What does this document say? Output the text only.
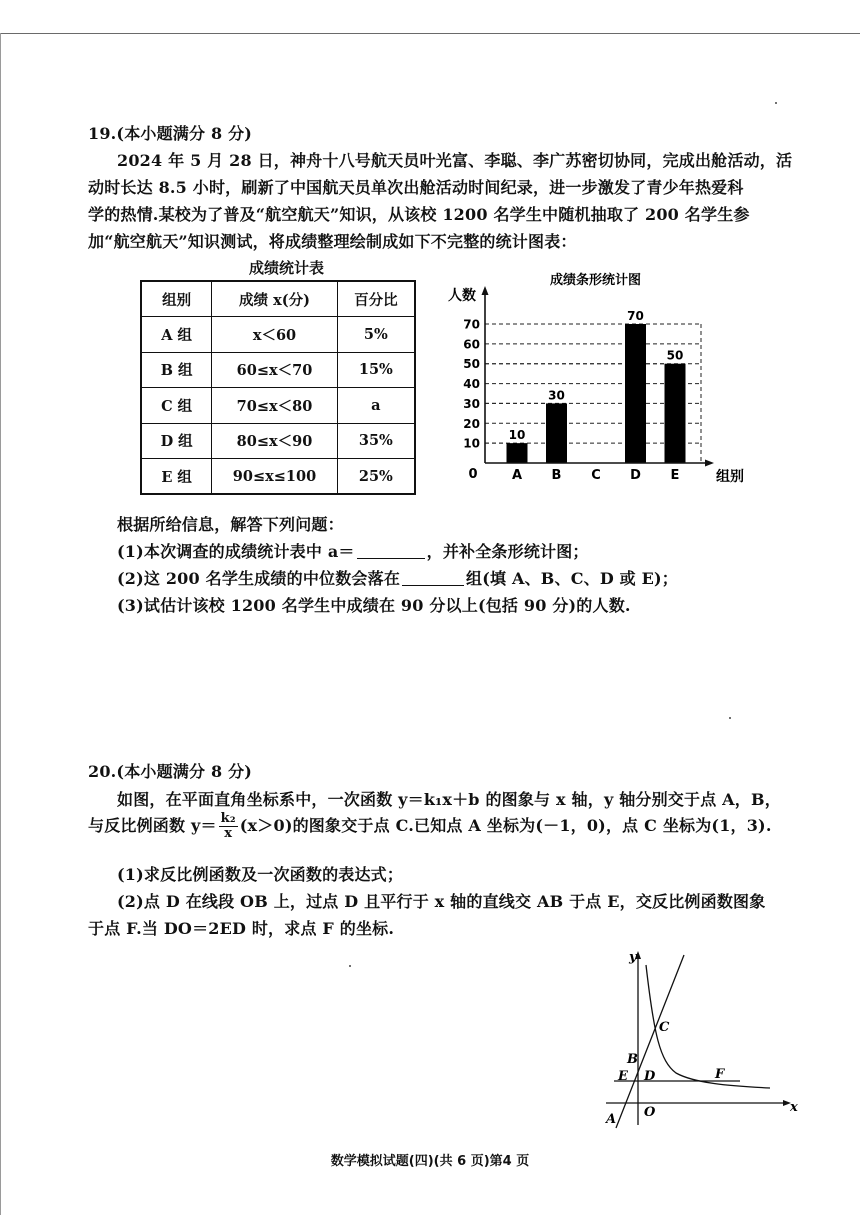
19.(本小题满分 8 分)
2024 年 5 月 28 日，神舟十八号航天员叶光富、李聪、李广苏密切协同，完成出舱活动，活
动时长达 8.5 小时，刷新了中国航天员单次出舱活动时间纪录，进一步激发了青少年热爱科
学的热情.某校为了普及“航空航天”知识，从该校 1200 名学生中随机抽取了 200 名学生参
加“航空航天”知识测试，将成绩整理绘制成如下不完整的统计图表：
成绩统计表
组别	成绩 x(分)	百分比
A 组	x＜60	5%
B 组	60≤x＜70	15%
C 组	70≤x＜80	a
D 组	80≤x＜90	35%
E 组	90≤x≤100	25%
成绩条形统计图
人数
组别
0
10
30
70
50
10
20
30
40
50
60
70
A B C D E
根据所给信息，解答下列问题：
(1)本次调查的成绩统计表中 a＝	，并补全条形统计图；
(2)这 200 名学生成绩的中位数会落在	组(填 A、B、C、D 或 E)；
(3)试估计该校 1200 名学生中成绩在 90 分以上(包括 90 分)的人数.
20.(本小题满分 8 分)
如图，在平面直角坐标系中，一次函数 y＝k₁x＋b 的图象与 x 轴，y 轴分别交于点 A，B，
与反比例函数 $y= \frac{\text{k₂}}{x} (x>0)$的图象交于点 C.已知点 A 坐标为(－1，0)，点 C 坐标为(1，3).
(1)求反比例函数及一次函数的表达式；
(2)点 D 在线段 OB 上，过点 D 且平行于 x 轴的直线交 AB 于点 E，交反比例函数图象
于点 F.当 DO＝2ED 时，求点 F 的坐标.
y
x
A
B
C
D
E	F
O
数学模拟试题(四)(共 6 页)第4 页
